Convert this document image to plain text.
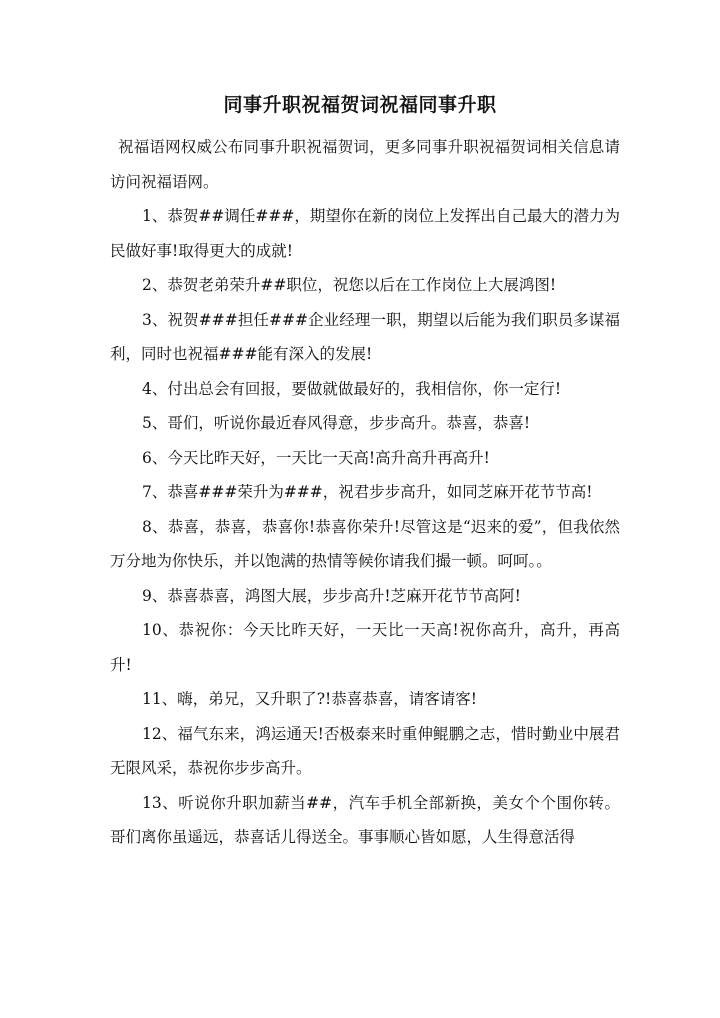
同事升职祝福贺词祝福同事升职

祝福语网权威公布同事升职祝福贺词，更多同事升职祝福贺词相关信息请访问祝福语网。

1、恭贺##调任###，期望你在新的岗位上发挥出自己最大的潜力为民做好事!取得更大的成就!

2、恭贺老弟荣升##职位，祝您以后在工作岗位上大展鸿图!

3、祝贺###担任###企业经理一职，期望以后能为我们职员多谋福利，同时也祝福###能有深入的发展!

4、付出总会有回报，要做就做最好的，我相信你，你一定行!

5、哥们，听说你最近春风得意，步步高升。恭喜，恭喜!

6、今天比昨天好，一天比一天高!高升高升再高升!

7、恭喜###荣升为###，祝君步步高升，如同芝麻开花节节高!

8、恭喜，恭喜，恭喜你!恭喜你荣升!尽管这是“迟来的爱”，但我依然万分地为你快乐，并以饱满的热情等候你请我们撮一顿。呵呵。。

9、恭喜恭喜，鸿图大展，步步高升!芝麻开花节节高阿!

10、恭祝你：今天比昨天好，一天比一天高!祝你高升，高升，再高升!

11、嗨，弟兄，又升职了?!恭喜恭喜，请客请客!

12、福气东来，鸿运通天!否极泰来时重伸鲲鹏之志，惜时勤业中展君无限风采，恭祝你步步高升。

13、听说你升职加薪当##，汽车手机全部新换，美女个个围你转。哥们离你虽遥远，恭喜话儿得送全。事事顺心皆如愿，人生得意活得
